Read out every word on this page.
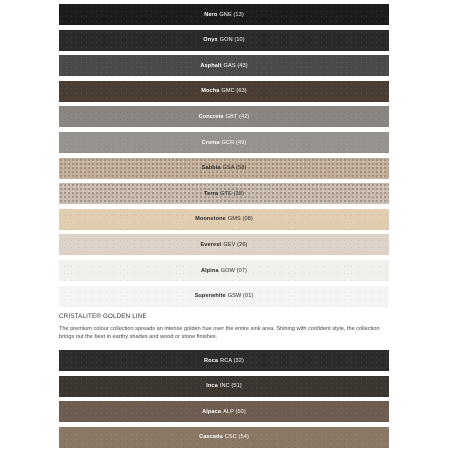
Nero GNE (13)
Onyx GON (10)
Asphalt GAS (43)
Mocha GMC (63)
Concrete GBT (42)
Crema GCR (49)
Sabbia GSA (58)
Terra GTE (38)
Moonstone GMS (08)
Everest GEV (26)
Alpina GOW (07)
Superwhite GSW (01)
CRISTALITE® GOLDEN LINE
The premium colour collection spreads an intense golden hue over the entire sink area. Shining with confident style, the collection brings out the best in earthy shades and wood or stone finishes.
Roca RCA (32)
Inca INC (51)
Alpaca ALP (50)
Cascada CSC (54)
